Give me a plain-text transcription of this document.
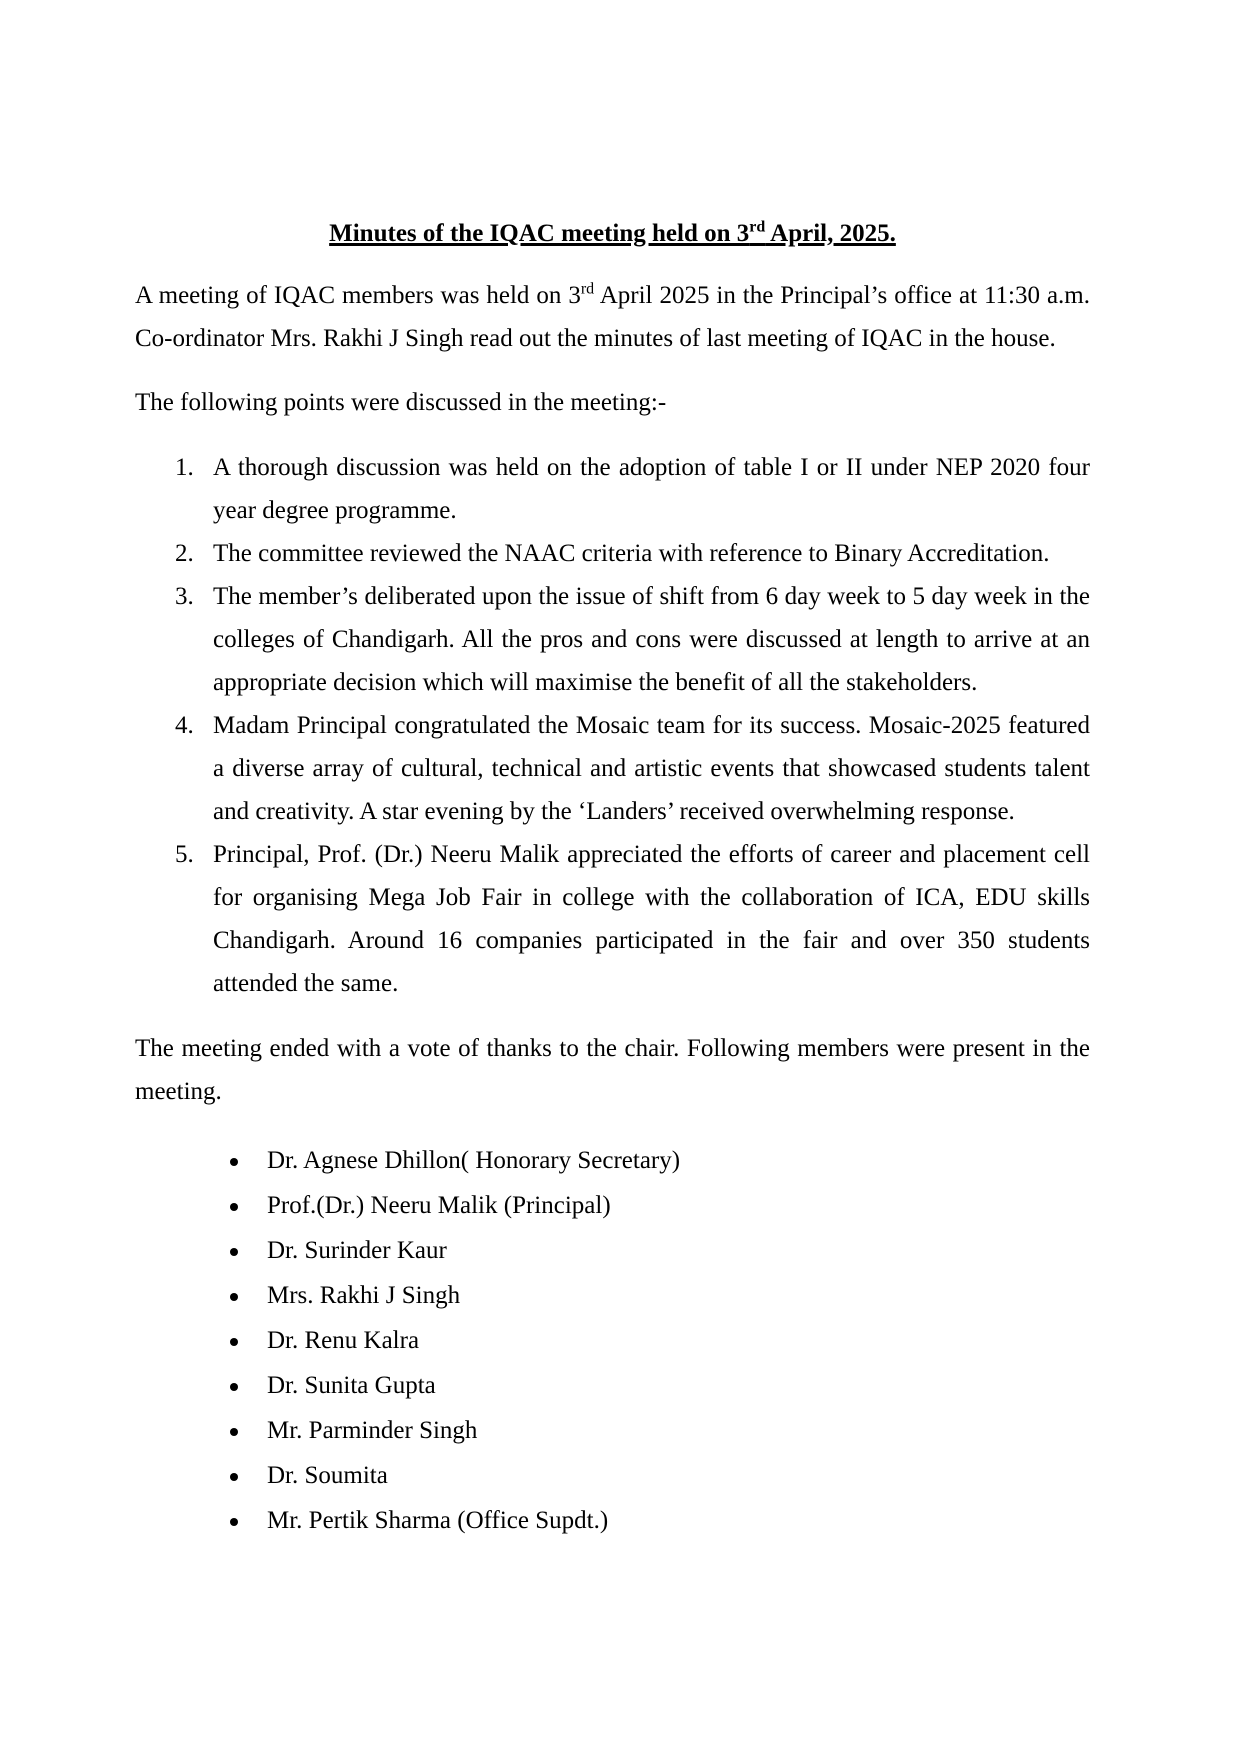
Minutes of the IQAC meeting held on 3rd April, 2025.

A meeting of IQAC members was held on 3rd April 2025 in the Principal’s office at 11:30 a.m. Co-ordinator Mrs. Rakhi J Singh read out the minutes of last meeting of IQAC in the house.

The following points were discussed in the meeting:-

1. A thorough discussion was held on the adoption of table I or II under NEP 2020 four year degree programme.
2. The committee reviewed the NAAC criteria with reference to Binary Accreditation.
3. The member’s deliberated upon the issue of shift from 6 day week to 5 day week in the colleges of Chandigarh. All the pros and cons were discussed at length to arrive at an appropriate decision which will maximise the benefit of all the stakeholders.
4. Madam Principal congratulated the Mosaic team for its success. Mosaic-2025 featured a diverse array of cultural, technical and artistic events that showcased students talent and creativity. A star evening by the ‘Landers’ received overwhelming response.
5. Principal, Prof. (Dr.) Neeru Malik appreciated the efforts of career and placement cell for organising Mega Job Fair in college with the collaboration of ICA, EDU skills Chandigarh. Around 16 companies participated in the fair and over 350 students attended the same.

The meeting ended with a vote of thanks to the chair. Following members were present in the meeting.

Dr. Agnese Dhillon( Honorary Secretary)
Prof.(Dr.) Neeru Malik (Principal)
Dr. Surinder Kaur
Mrs. Rakhi J Singh
Dr. Renu Kalra
Dr. Sunita Gupta
Mr. Parminder Singh
Dr. Soumita
Mr. Pertik Sharma (Office Supdt.)
